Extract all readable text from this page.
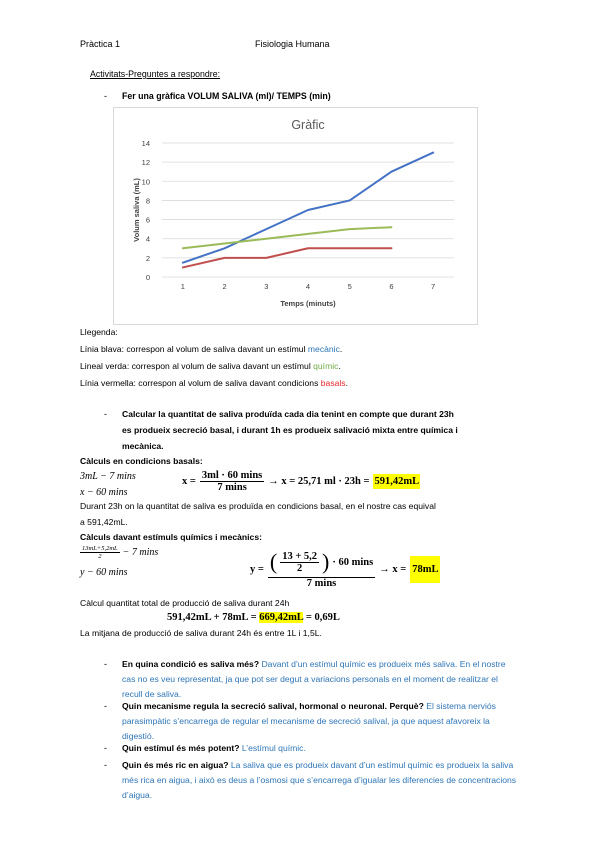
Pràctica 1	Fisiologia Humana
Activitats-Preguntes a respondre:
- Fer una gràfica VOLUM SALIVA (ml)/ TEMPS (min)
Gràfic
0
2
4
6
8
10
12
14
1	2	3	4	5	6	7
Temps (minuts)
Volum saliva (mL)
Llegenda:
Línia blava: correspon al volum de saliva davant un estímul mecànic.
Lineal verda: correspon al volum de saliva davant un estímul químic.
Línia vermella: correspon al volum de saliva davant condicions basals.
- Calcular la quantitat de saliva produïda cada dia tenint en compte que durant 23h
es produeix secreció basal, i durant 1h es produeix salivació mixta entre química i
mecànica.
Càlculs en condicions basals:
3mL − 7 mins
x − 60 mins
$x = \frac{3ml \cdot 60 \min s}{7 \min s} \to x = 25,71$ ml · 23h = 591,42mL
Durant 23h on la quantitat de saliva es produïda en condicions basal, en el nostre cas equival
a 591,42mL.
Càlculs davant estímuls químics i mecànics:
$\frac{13mL+5,2mL}{2} - 7$ mins
y − 60 mins	y = ( $\frac{13 + 5,2}{2}$ ) · 60 mins
7 mins
→ x = 78mL
Càlcul quantitat total de producció de saliva durant 24h
591,42mL + 78mL = 669,42mL = 0,69L
La mitjana de producció de saliva durant 24h és entre 1L i 1,5L.
- En quina condició es saliva més? Davant d’un estímul químic es produeix més saliva. En el nostre cas no es veu representat, ja que pot ser degut a variacions personals en el moment de realitzar el recull de saliva.
- Quin mecanisme regula la secreció salival, hormonal o neuronal. Perquè? El sistema nerviós parasimpàtic s’encarrega de regular el mecanisme de secreció salival, ja que aquest afavoreix la digestió.
- Quin estímul és més potent? L’estímul químic.
- Quin és més ric en aigua? La saliva que es produeix davant d’un estímul químic es produeix la saliva més rica en aigua, i això es deus a l’osmosi que s’encarrega d’igualar les diferencies de concentracions d’aigua.
